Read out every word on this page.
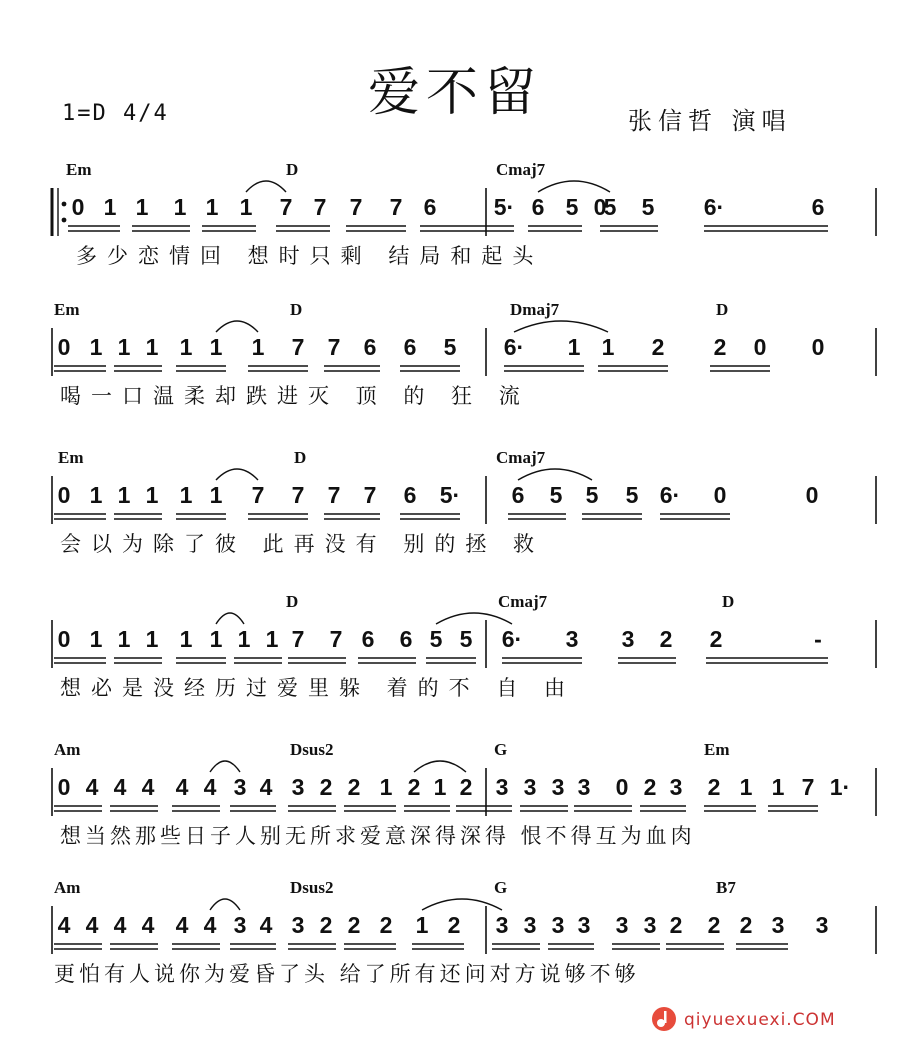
爱不留
1=D 4/4	张信哲 演唱
Em	D	Cmaj7
0 1 1	1 1 1	7 7	7	7 6	5· 6 5	5	5	6·	6
0
多少恋情回 想时只剩 结局和起头
Em	D	Dmaj7	D
0 1 1 1 1 1	1	7	7	6	6	5	6·	1 1	2	2	0	0
喝一口温柔却跌进灭 顶 的 狂 流
Em	D	Cmaj7
0 1 1 1 1 1	7	7	7	7	6	5·	6	5	5	5 6·	0	0
会以为除了彼 此再没有 别的拯 救
D	Cmaj7	D
0 1 1 1 1 1 1 1 7	7 6	6 5 5	6·	3	3	2	2	-
想必是没经历过爱里躲 着的不 自 由
Am	Dsus2	G	Em
0 4 4 4 4 4 3 4 3 2 2 1 2 1 2	3 3 3 3	0 2 3	2 1 1 7 1·
想当然那些日子人别无所求爱意深得深得 恨不得互为血肉
Am	Dsus2	G	B7
4 4 4 4 4 4 3 4 3 2 2 2	1 2	3 3 3 3	3 3 2	2 2 3	3
更怕有人说你为爱昏了头 给了所有还问对方说够不够
qiyuexuexi.COM
